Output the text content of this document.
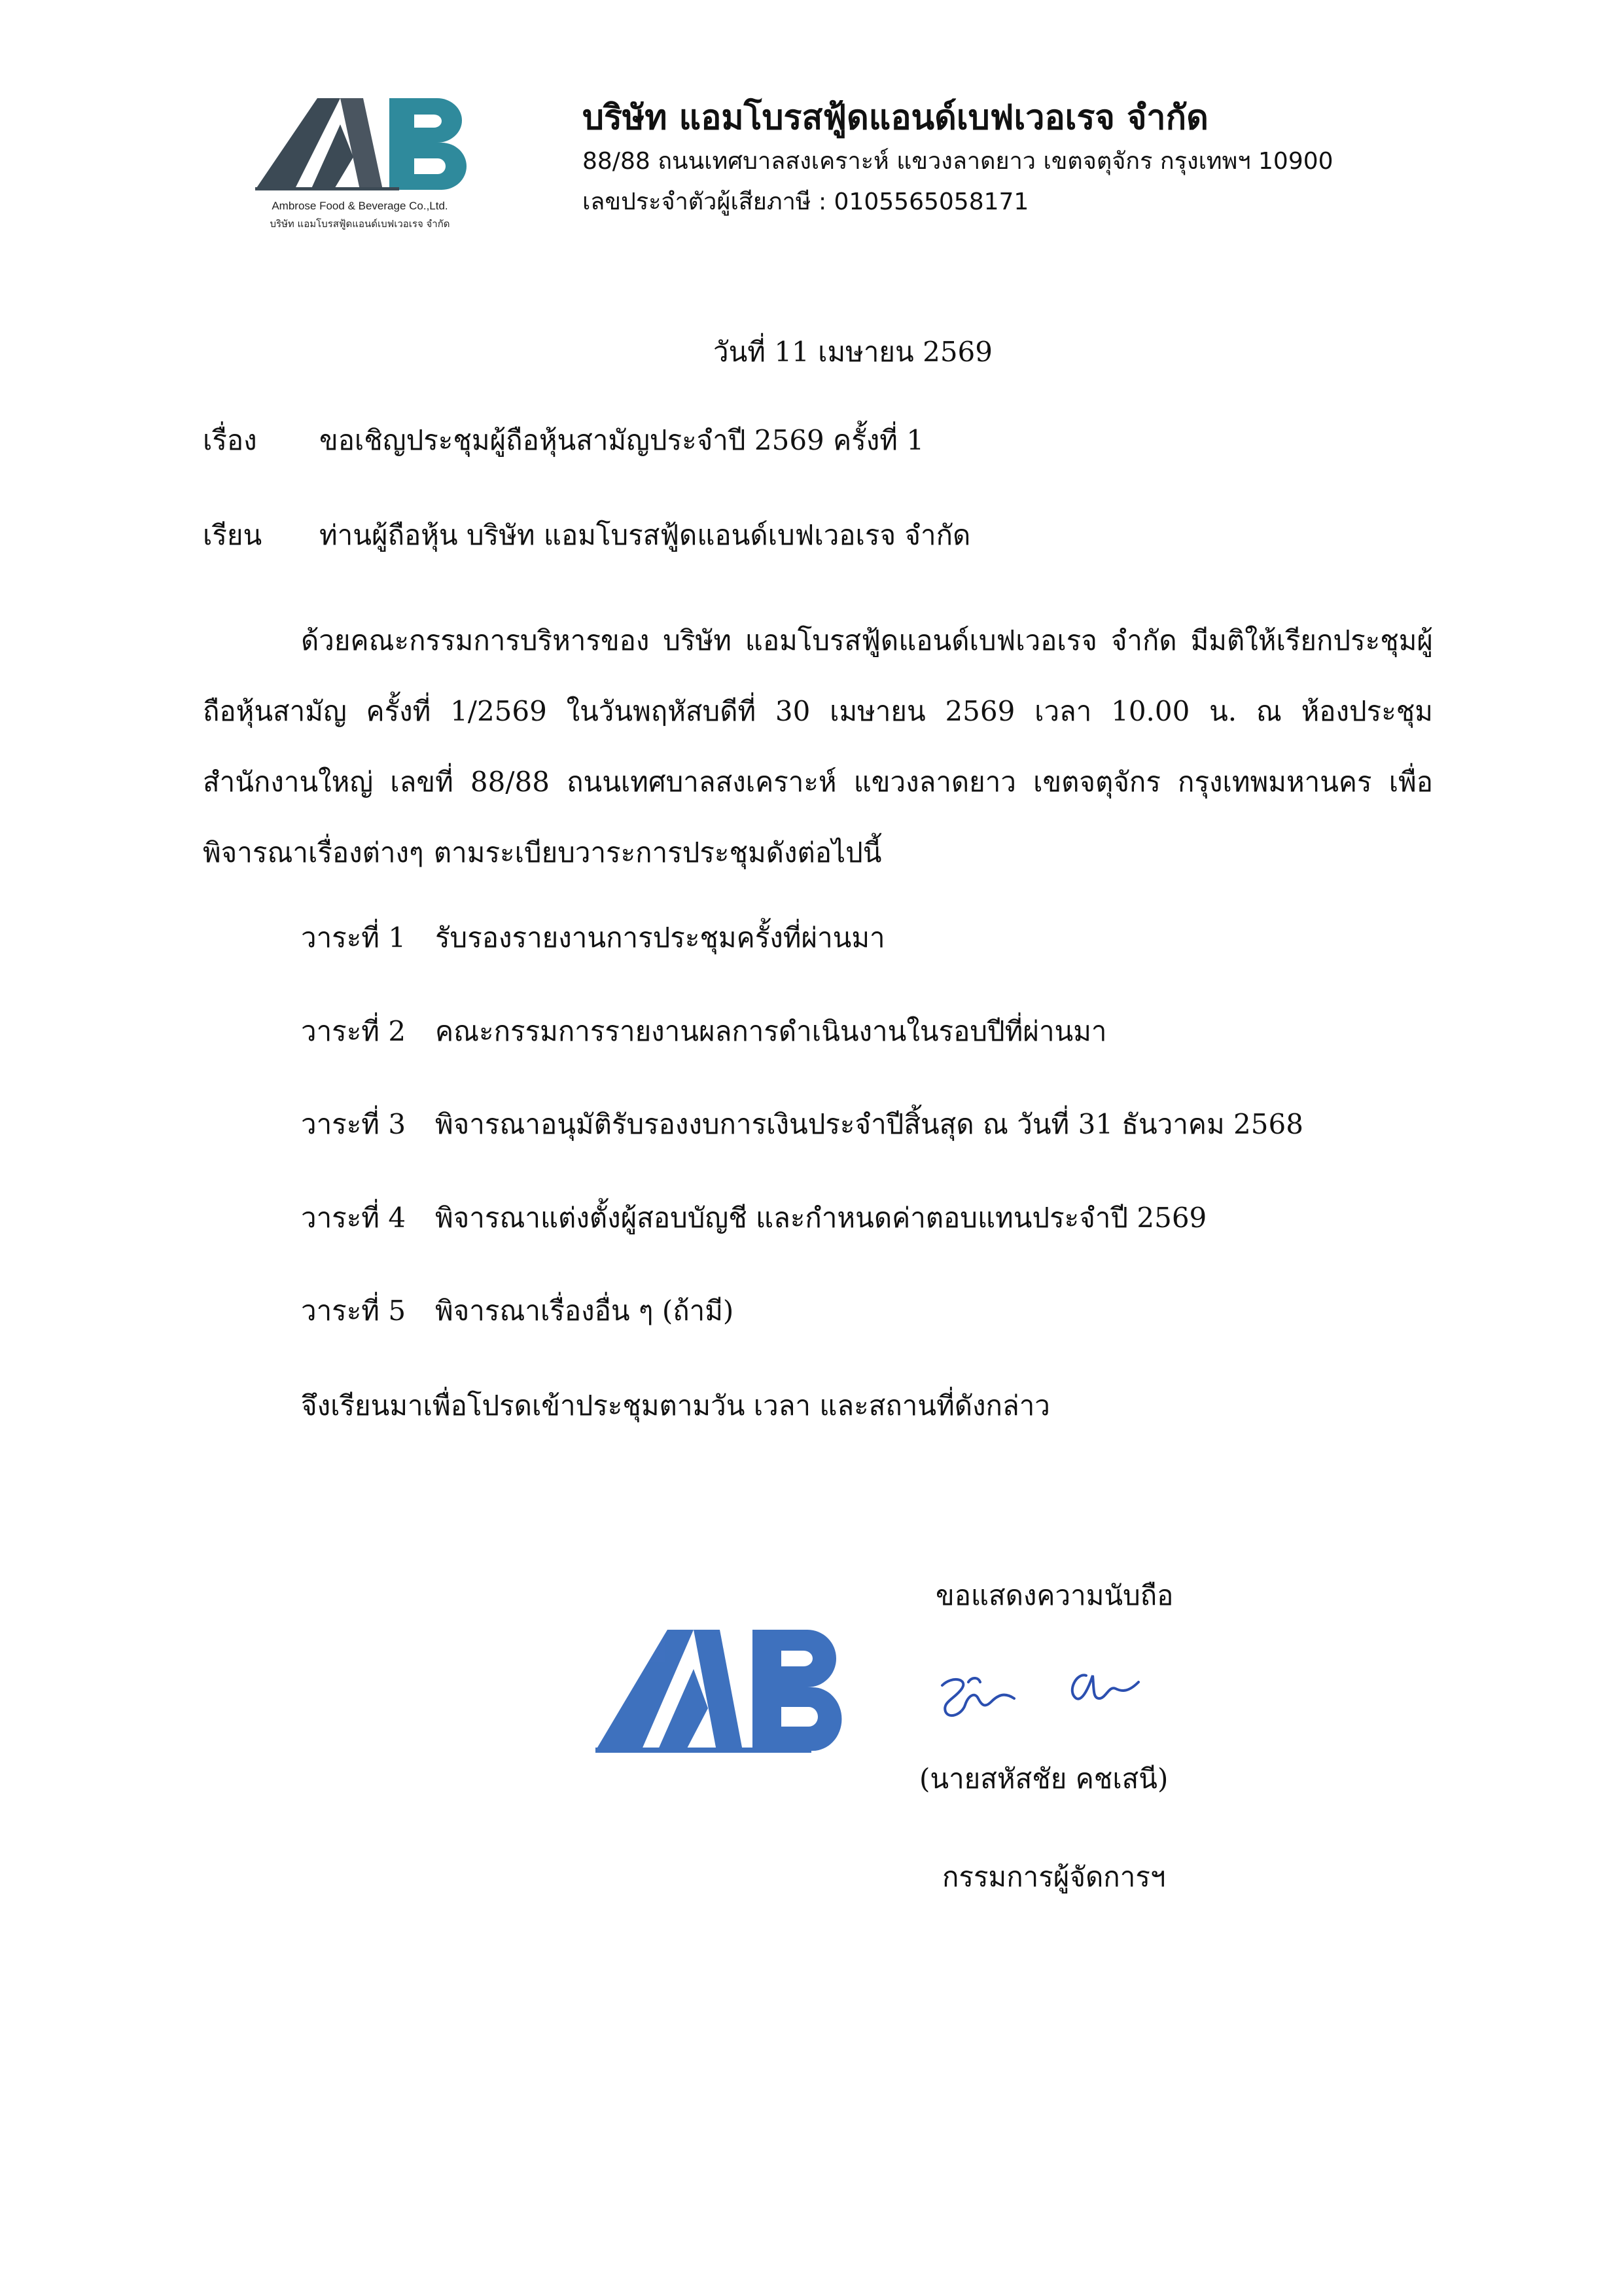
Ambrose Food & Beverage Co.,Ltd.
บริษัท แอมโบรสฟู้ดแอนด์เบฟเวอเรจ จำกัด
บริษัท แอมโบรสฟู้ดแอนด์เบฟเวอเรจ จำกัด
88/88 ถนนเทศบาลสงเคราะห์ แขวงลาดยาว เขตจตุจักร กรุงเทพฯ 10900
เลขประจำตัวผู้เสียภาษี : 0105565058171
วันที่ 11 เมษายน 2569
เรื่อง ขอเชิญประชุมผู้ถือหุ้นสามัญประจำปี 2569 ครั้งที่ 1
เรียน ท่านผู้ถือหุ้น บริษัท แอมโบรสฟู้ดแอนด์เบฟเวอเรจ จำกัด
ด้วยคณะกรรมการบริหารของ บริษัท แอมโบรสฟู้ดแอนด์เบฟเวอเรจ จำกัด มีมติให้เรียกประชุมผู้ถือหุ้นสามัญ ครั้งที่ 1/2569 ในวันพฤหัสบดีที่ 30 เมษายน 2569 เวลา 10.00 น. ณ ห้องประชุมสำนักงานใหญ่ เลขที่ 88/88 ถนนเทศบาลสงเคราะห์ แขวงลาดยาว เขตจตุจักร กรุงเทพมหานคร เพื่อพิจารณาเรื่องต่างๆ ตามระเบียบวาระการประชุมดังต่อไปนี้
วาระที่ 1 รับรองรายงานการประชุมครั้งที่ผ่านมา
วาระที่ 2 คณะกรรมการรายงานผลการดำเนินงานในรอบปีที่ผ่านมา
วาระที่ 3 พิจารณาอนุมัติรับรองงบการเงินประจำปีสิ้นสุด ณ วันที่ 31 ธันวาคม 2568
วาระที่ 4 พิจารณาแต่งตั้งผู้สอบบัญชี และกำหนดค่าตอบแทนประจำปี 2569
วาระที่ 5 พิจารณาเรื่องอื่น ๆ (ถ้ามี)
จึงเรียนมาเพื่อโปรดเข้าประชุมตามวัน เวลา และสถานที่ดังกล่าว
ขอแสดงความนับถือ
(นายสหัสชัย คชเสนี)
กรรมการผู้จัดการฯ
